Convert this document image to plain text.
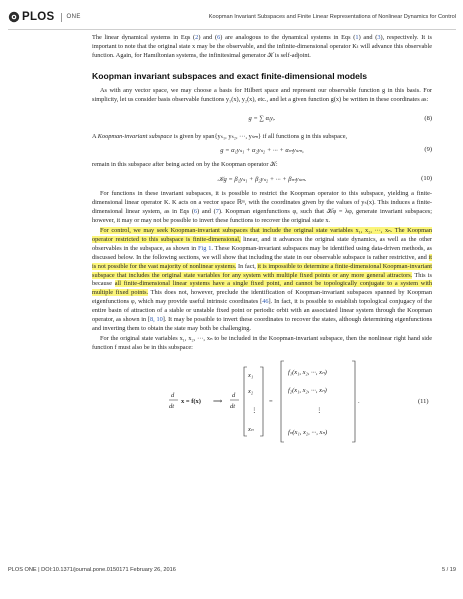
PLOS ONE	Koopman Invariant Subspaces and Finite Linear Representations of Nonlinear Dynamics for Control

The linear dynamical systems in Eqs (2) and (6) are analogous to the dynamical systems in Eqs (1) and (3), respectively. It is important to note that the original state x may be the observable, and the infinite-dimensional operator Kₜ will advance this observable function. Again, for Hamiltonian systems, the infinitesimal generator 𝒦 is self-adjoint.

Koopman invariant subspaces and exact finite-dimensional models

As with any vector space, we may choose a basis for Hilbert space and represent our observable function g in this basis. For simplicity, let us consider basis observable functions y₁(x), y₂(x), etc., and let a given function g(x) be written in these coordinates as:

g = ∑ αᵢyᵢ.	(8)

A Koopman-invariant subspace is given by span{yₛ₁, yₛ₂, ···, yₛₘ} if all functions g in this subspace,

g = α₁yₛ₁ + α₂yₛ₂ + ··· + αₘyₛₘ,	(9)

remain in this subspace after being acted on by the Koopman operator 𝒦:

𝒦g = β₁yₛ₁ + β₂yₛ₂ + ··· + βₘyₛₘ.	(10)

For functions in these invariant subspaces, it is possible to restrict the Koopman operator to this subspace, yielding a finite-dimensional linear operator K. K acts on a vector space ℝᵐ, with the coordinates given by the values of yₛ(x). This induces a finite-dimensional linear system, as in Eqs (6) and (7). Koopman eigenfunctions φ, such that 𝒦φ = λφ, generate invariant subspaces; however, it may or may not be possible to invert these functions to recover the original state x.

For control, we may seek Koopman-invariant subspaces that include the original state variables x₁, x₂, ···, xₙ. The Koopman operator restricted to this subspace is finite-dimensional, linear, and it advances the original state dynamics, as well as the other observables in the subspace, as shown in Fig 1. These Koopman-invariant subspaces may be identified using data-driven methods, as discussed below. In the following sections, we will show that including the state in our observable subspace is rather restrictive, and it is not possible for the vast majority of nonlinear systems. In fact, it is impossible to determine a finite-dimensional Koopman-invariant subspace that includes the original state variables for any system with multiple fixed points or any more general attractors. This is because all finite-dimensional linear systems have a single fixed point, and cannot be topologically conjugate to a system with multiple fixed points. This does not, however, preclude the identification of Koopman-invariant subspaces spanned by Koopman eigenfunctions φ, which may provide useful intrinsic coordinates [46]. In fact, it is possible to establish topological conjugacy of the entire basin of attraction of a stable or unstable fixed point or periodic orbit with an associated linear system through the Koopman operator, as shown in [8, 10]. It may be possible to invert these coordinates to recover the states, although determining eigenfunctions and inverting them to obtain the state may both be challenging.

For the original state variables x₁, x₂, ···, xₙ to be included in the Koopman-invariant subspace, then the nonlinear right hand side function f must also be in this subspace:

d
dt
x = f(x) ⟹
d
dt
x₁
x₂
⋮
xₙ
=
f₁(x₁, x₂, ···, xₙ)
f₂(x₁, x₂, ···, xₙ)
⋮
fₙ(x₁, x₂, ···, xₙ)
.	(11)
PLOS ONE | DOI:10.1371/journal.pone.0150171 February 26, 2016	5 / 19
